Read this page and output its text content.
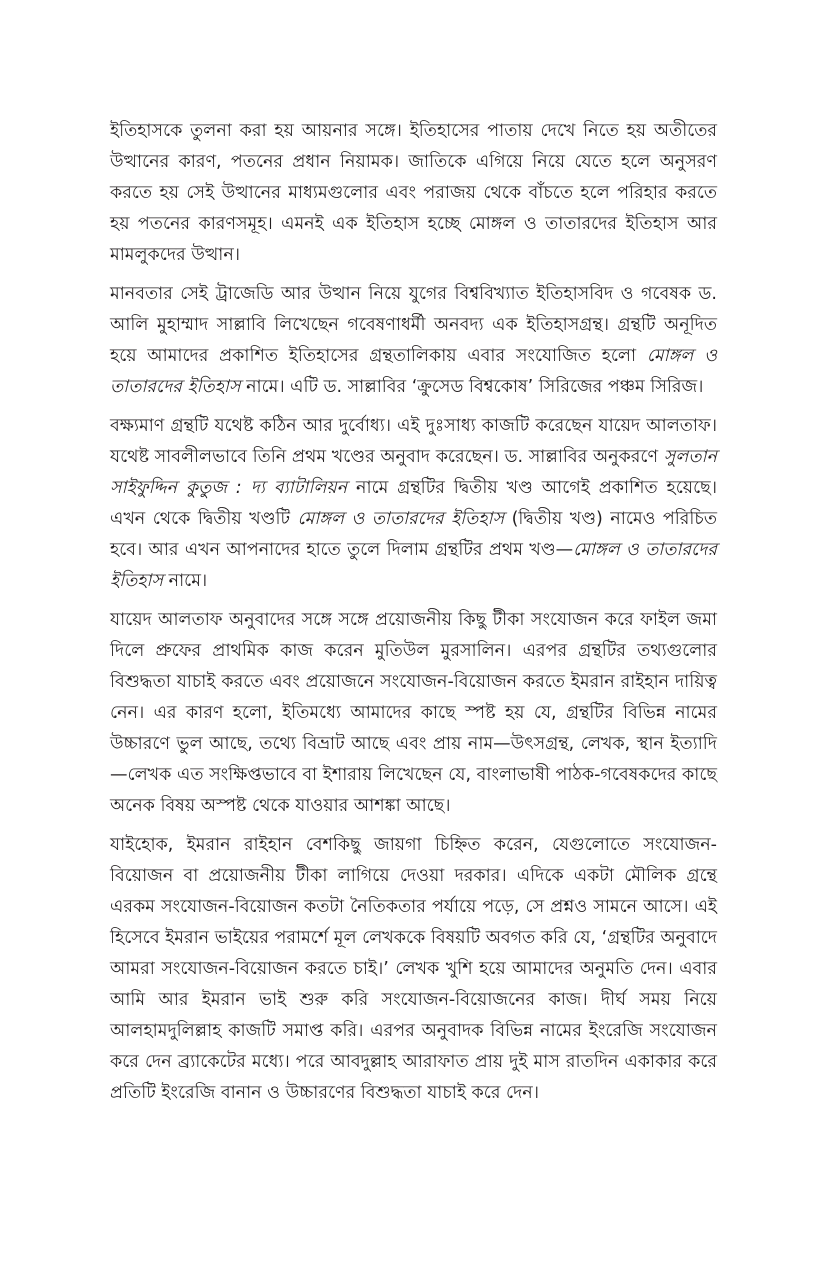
ইতিহাসকে তুলনা করা হয় আয়নার সঙ্গে। ইতিহাসের পাতায় দেখে নিতে হয় অতীতের উত্থানের কারণ, পতনের প্রধান নিয়ামক। জাতিকে এগিয়ে নিয়ে যেতে হলে অনুসরণ করতে হয় সেই উত্থানের মাধ্যমগুলোর এবং পরাজয় থেকে বাঁচতে হলে পরিহার করতে হয় পতনের কারণসমূহ। এমনই এক ইতিহাস হচ্ছে মোঙ্গল ও তাতারদের ইতিহাস আর মামলুকদের উত্থান।

মানবতার সেই ট্রাজেডি আর উত্থান নিয়ে যুগের বিশ্ববিখ্যাত ইতিহাসবিদ ও গবেষক ড. আলি মুহাম্মাদ সাল্লাবি লিখেছেন গবেষণাধর্মী অনবদ্য এক ইতিহাসগ্রন্থ। গ্রন্থটি অনূদিত হয়ে আমাদের প্রকাশিত ইতিহাসের গ্রন্থতালিকায় এবার সংযোজিত হলো মোঙ্গল ও তাতারদের ইতিহাস নামে। এটি ড. সাল্লাবির ‘ক্রুসেড বিশ্বকোষ’ সিরিজের পঞ্চম সিরিজ।

বক্ষ্যমাণ গ্রন্থটি যথেষ্ট কঠিন আর দুর্বোধ্য। এই দুঃসাধ্য কাজটি করেছেন যায়েদ আলতাফ। যথেষ্ট সাবলীলভাবে তিনি প্রথম খণ্ডের অনুবাদ করেছেন। ড. সাল্লাবির অনুকরণে সুলতান সাইফুদ্দিন কুতুজ : দ্য ব্যাটালিয়ন নামে গ্রন্থটির দ্বিতীয় খণ্ড আগেই প্রকাশিত হয়েছে। এখন থেকে দ্বিতীয় খণ্ডটি মোঙ্গল ও তাতারদের ইতিহাস (দ্বিতীয় খণ্ড) নামেও পরিচিত হবে। আর এখন আপনাদের হাতে তুলে দিলাম গ্রন্থটির প্রথম খণ্ড—মোঙ্গল ও তাতারদের ইতিহাস নামে।

যায়েদ আলতাফ অনুবাদের সঙ্গে সঙ্গে প্রয়োজনীয় কিছু টীকা সংযোজন করে ফাইল জমা দিলে প্রুফের প্রাথমিক কাজ করেন মুতিউল মুরসালিন। এরপর গ্রন্থটির তথ্যগুলোর বিশুদ্ধতা যাচাই করতে এবং প্রয়োজনে সংযোজন-বিয়োজন করতে ইমরান রাইহান দায়িত্ব নেন। এর কারণ হলো, ইতিমধ্যে আমাদের কাছে স্পষ্ট হয় যে, গ্রন্থটির বিভিন্ন নামের উচ্চারণে ভুল আছে, তথ্যে বিভ্রাট আছে এবং প্রায় নাম—উৎসগ্রন্থ, লেখক, স্থান ইত্যাদি—লেখক এত সংক্ষিপ্তভাবে বা ইশারায় লিখেছেন যে, বাংলাভাষী পাঠক-গবেষকদের কাছে অনেক বিষয় অস্পষ্ট থেকে যাওয়ার আশঙ্কা আছে।

যাইহোক, ইমরান রাইহান বেশকিছু জায়গা চিহ্নিত করেন, যেগুলোতে সংযোজন-বিয়োজন বা প্রয়োজনীয় টীকা লাগিয়ে দেওয়া দরকার। এদিকে একটা মৌলিক গ্রন্থে এরকম সংযোজন-বিয়োজন কতটা নৈতিকতার পর্যায়ে পড়ে, সে প্রশ্নও সামনে আসে। এই হিসেবে ইমরান ভাইয়ের পরামর্শে মূল লেখককে বিষয়টি অবগত করি যে, ‘গ্রন্থটির অনুবাদে আমরা সংযোজন-বিয়োজন করতে চাই।’ লেখক খুশি হয়ে আমাদের অনুমতি দেন। এবার আমি আর ইমরান ভাই শুরু করি সংযোজন-বিয়োজনের কাজ। দীর্ঘ সময় নিয়ে আলহামদুলিল্লাহ কাজটি সমাপ্ত করি। এরপর অনুবাদক বিভিন্ন নামের ইংরেজি সংযোজন করে দেন ব্র্যাকেটের মধ্যে। পরে আবদুল্লাহ আরাফাত প্রায় দুই মাস রাতদিন একাকার করে প্রতিটি ইংরেজি বানান ও উচ্চারণের বিশুদ্ধতা যাচাই করে দেন।
